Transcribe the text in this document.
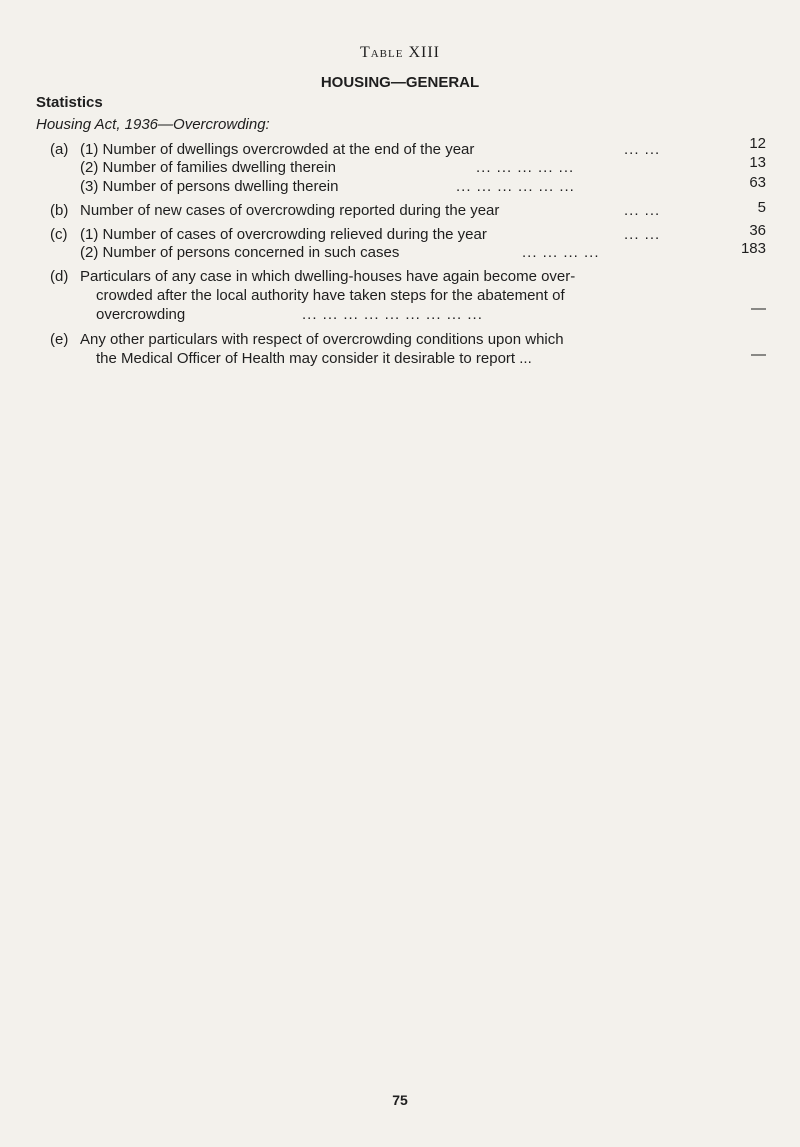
Table XIII
HOUSING—GENERAL
Statistics
Housing Act, 1936—Overcrowding:
(a) (1) Number of dwellings overcrowded at the end of the year	... ...	12
(2) Number of families dwelling therein	... ... ... ... ...	13
(3) Number of persons dwelling therein	... ... ... ... ... ...	63
(b) Number of new cases of overcrowding reported during the year	... ...	5
(c) (1) Number of cases of overcrowding relieved during the year	... ...	36
(2) Number of persons concerned in such cases	... ... ... ...	183
(d) Particulars of any case in which dwelling-houses have again become over-
crowded after the local authority have taken steps for the abatement of
overcrowding	... ... ... ... ... ... ... ... ...	—
(e) Any other particulars with respect of overcrowding conditions upon which
the Medical Officer of Health may consider it desirable to report ...	—
75
